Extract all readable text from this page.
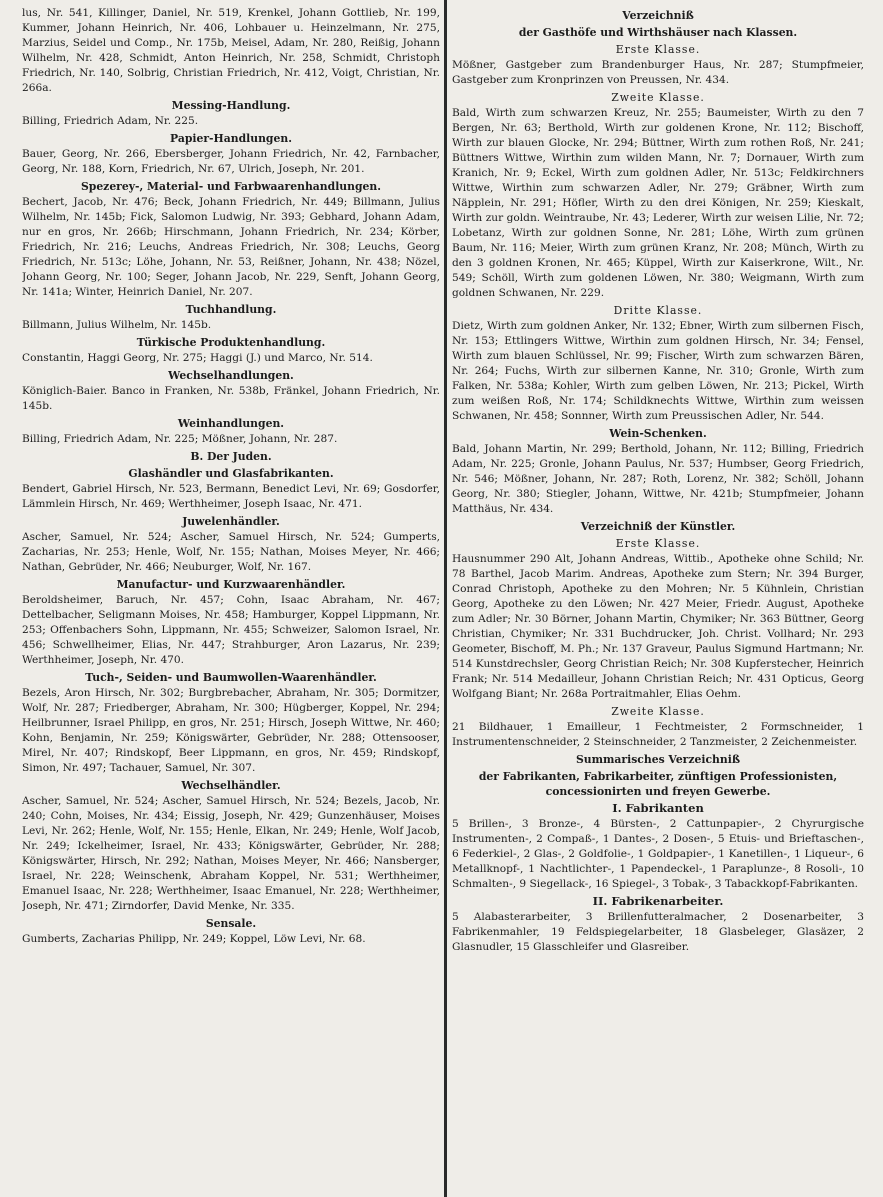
lus, Nr. 541, Killinger, Daniel, Nr. 519, Krenkel, Johann Gottlieb, Nr. 199, Kummer, Johann Heinrich, Nr. 406, Lohbauer u. Heinzelmann, Nr. 275, Marzius, Seidel und Comp., Nr. 175b, Meisel, Adam, Nr. 280, Reißig, Johann Wilhelm, Nr. 428, Schmidt, Anton Heinrich, Nr. 258, Schmidt, Christoph Friedrich, Nr. 140, Solbrig, Christian Friedrich, Nr. 412, Voigt, Christian, Nr. 266a.

Messing-Handlung.

Billing, Friedrich Adam, Nr. 225.

Papier-Handlungen.

Bauer, Georg, Nr. 266, Ebersberger, Johann Friedrich, Nr. 42, Farnbacher, Georg, Nr. 188, Korn, Friedrich, Nr. 67, Ulrich, Joseph, Nr. 201.

Spezerey-, Material- und Farbwaarenhandlungen.

Bechert, Jacob, Nr. 476; Beck, Johann Friedrich, Nr. 449; Billmann, Julius Wilhelm, Nr. 145b; Fick, Salomon Ludwig, Nr. 393; Gebhard, Johann Adam, nur en gros, Nr. 266b; Hirschmann, Johann Friedrich, Nr. 234; Körber, Friedrich, Nr. 216; Leuchs, Andreas Friedrich, Nr. 308; Leuchs, Georg Friedrich, Nr. 513c; Löhe, Johann, Nr. 53, Reißner, Johann, Nr. 438; Nözel, Johann Georg, Nr. 100; Seger, Johann Jacob, Nr. 229, Senft, Johann Georg, Nr. 141a; Winter, Heinrich Daniel, Nr. 207.

Tuchhandlung.

Billmann, Julius Wilhelm, Nr. 145b.

Türkische Produktenhandlung.

Constantin, Haggi Georg, Nr. 275; Haggi (J.) und Marco, Nr. 514.

Wechselhandlungen.

Königlich-Baier. Banco in Franken, Nr. 538b, Fränkel, Johann Friedrich, Nr. 145b.

Weinhandlungen.

Billing, Friedrich Adam, Nr. 225; Mößner, Johann, Nr. 287.

B. Der Juden.
Glashändler und Glasfabrikanten.

Bendert, Gabriel Hirsch, Nr. 523, Bermann, Benedict Levi, Nr. 69; Gosdorfer, Lämmlein Hirsch, Nr. 469; Werthheimer, Joseph Isaac, Nr. 471.

Juwelenhändler.

Ascher, Samuel, Nr. 524; Ascher, Samuel Hirsch, Nr. 524; Gumperts, Zacharias, Nr. 253; Henle, Wolf, Nr. 155; Nathan, Moises Meyer, Nr. 466; Nathan, Gebrüder, Nr. 466; Neuburger, Wolf, Nr. 167.

Manufactur- und Kurzwaarenhändler.

Beroldsheimer, Baruch, Nr. 457; Cohn, Isaac Abraham, Nr. 467; Dettelbacher, Seligmann Moises, Nr. 458; Hamburger, Koppel Lippmann, Nr. 253; Offenbachers Sohn, Lippmann, Nr. 455; Schweizer, Salomon Israel, Nr. 456; Schwellheimer, Elias, Nr. 447; Strahburger, Aron Lazarus, Nr. 239; Werthheimer, Joseph, Nr. 470.

Tuch-, Seiden- und Baumwollen-Waarenhändler.

Bezels, Aron Hirsch, Nr. 302; Burgbrebacher, Abraham, Nr. 305; Dormitzer, Wolf, Nr. 287; Friedberger, Abraham, Nr. 300; Hügberger, Koppel, Nr. 294; Heilbrunner, Israel Philipp, en gros, Nr. 251; Hirsch, Joseph Wittwe, Nr. 460; Kohn, Benjamin, Nr. 259; Königswärter, Gebrüder, Nr. 288; Ottensooser, Mirel, Nr. 407; Rindskopf, Beer Lippmann, en gros, Nr. 459; Rindskopf, Simon, Nr. 497; Tachauer, Samuel, Nr. 307.

Wechselhändler.

Ascher, Samuel, Nr. 524; Ascher, Samuel Hirsch, Nr. 524; Bezels, Jacob, Nr. 240; Cohn, Moises, Nr. 434; Eissig, Joseph, Nr. 429; Gunzenhäuser, Moises Levi, Nr. 262; Henle, Wolf, Nr. 155; Henle, Elkan, Nr. 249; Henle, Wolf Jacob, Nr. 249; Ickelheimer, Israel, Nr. 433; Königswärter, Gebrüder, Nr. 288; Königswärter, Hirsch, Nr. 292; Nathan, Moises Meyer, Nr. 466; Nansberger, Israel, Nr. 228; Weinschenk, Abraham Koppel, Nr. 531; Werthheimer, Emanuel Isaac, Nr. 228; Werthheimer, Isaac Emanuel, Nr. 228; Werthheimer, Joseph, Nr. 471; Zirndorfer, David Menke, Nr. 335.

Sensale.

Gumberts, Zacharias Philipp, Nr. 249; Koppel, Löw Levi, Nr. 68.

Verzeichniß
der Gasthöfe und Wirthshäuser nach Klassen.
Erste Klasse.

Mößner, Gastgeber zum Brandenburger Haus, Nr. 287; Stumpfmeier, Gastgeber zum Kronprinzen von Preussen, Nr. 434.

Zweite Klasse.

Bald, Wirth zum schwarzen Kreuz, Nr. 255; Baumeister, Wirth zu den 7 Bergen, Nr. 63; Berthold, Wirth zur goldenen Krone, Nr. 112; Bischoff, Wirth zur blauen Glocke, Nr. 294; Büttner, Wirth zum rothen Roß, Nr. 241; Büttners Wittwe, Wirthin zum wilden Mann, Nr. 7; Dornauer, Wirth zum Kranich, Nr. 9; Eckel, Wirth zum goldnen Adler, Nr. 513c; Feldkirchners Wittwe, Wirthin zum schwarzen Adler, Nr. 279; Gräbner, Wirth zum Näpplein, Nr. 291; Höfler, Wirth zu den drei Königen, Nr. 259; Kieskalt, Wirth zur goldn. Weintraube, Nr. 43; Lederer, Wirth zur weisen Lilie, Nr. 72; Lobetanz, Wirth zur goldnen Sonne, Nr. 281; Löhe, Wirth zum grünen Baum, Nr. 116; Meier, Wirth zum grünen Kranz, Nr. 208; Münch, Wirth zu den 3 goldnen Kronen, Nr. 465; Küppel, Wirth zur Kaiserkrone, Wilt., Nr. 549; Schöll, Wirth zum goldenen Löwen, Nr. 380; Weigmann, Wirth zum goldnen Schwanen, Nr. 229.

Dritte Klasse.

Dietz, Wirth zum goldnen Anker, Nr. 132; Ebner, Wirth zum silbernen Fisch, Nr. 153; Ettlingers Wittwe, Wirthin zum goldnen Hirsch, Nr. 34; Fensel, Wirth zum blauen Schlüssel, Nr. 99; Fischer, Wirth zum schwarzen Bären, Nr. 264; Fuchs, Wirth zur silbernen Kanne, Nr. 310; Gronle, Wirth zum Falken, Nr. 538a; Kohler, Wirth zum gelben Löwen, Nr. 213; Pickel, Wirth zum weißen Roß, Nr. 174; Schildknechts Wittwe, Wirthin zum weissen Schwanen, Nr. 458; Sonnner, Wirth zum Preussischen Adler, Nr. 544.

Wein-Schenken.

Bald, Johann Martin, Nr. 299; Berthold, Johann, Nr. 112; Billing, Friedrich Adam, Nr. 225; Gronle, Johann Paulus, Nr. 537; Humbser, Georg Friedrich, Nr. 546; Mößner, Johann, Nr. 287; Roth, Lorenz, Nr. 382; Schöll, Johann Georg, Nr. 380; Stiegler, Johann, Wittwe, Nr. 421b; Stumpfmeier, Johann Matthäus, Nr. 434.

Verzeichniß der Künstler.
Erste Klasse.

Hausnummer 290 Alt, Johann Andreas, Wittib., Apotheke ohne Schild; Nr. 78 Barthel, Jacob Marim. Andreas, Apotheke zum Stern; Nr. 394 Burger, Conrad Christoph, Apotheke zu den Mohren; Nr. 5 Kühnlein, Christian Georg, Apotheke zu den Löwen; Nr. 427 Meier, Friedr. August, Apotheke zum Adler; Nr. 30 Börner, Johann Martin, Chymiker; Nr. 363 Büttner, Georg Christian, Chymiker; Nr. 331 Buchdrucker, Joh. Christ. Vollhard; Nr. 293 Geometer, Bischoff, M. Ph.; Nr. 137 Graveur, Paulus Sigmund Hartmann; Nr. 514 Kunstdrechsler, Georg Christian Reich; Nr. 308 Kupferstecher, Heinrich Frank; Nr. 514 Medailleur, Johann Christian Reich; Nr. 431 Opticus, Georg Wolfgang Biant; Nr. 268a Portraitmahler, Elias Oehm.

Zweite Klasse.

21 Bildhauer, 1 Emailleur, 1 Fechtmeister, 2 Formschneider, 1 Instrumentenschneider, 2 Steinschneider, 2 Tanzmeister, 2 Zeichenmeister.

Summarisches Verzeichniß
der Fabrikanten, Fabrikarbeiter, zünftigen Professionisten, concessionirten und freyen Gewerbe.
I. Fabrikanten

5 Brillen-, 3 Bronze-, 4 Bürsten-, 2 Cattunpapier-, 2 Chyrurgische Instrumenten-, 2 Compaß-, 1 Dantes-, 2 Dosen-, 5 Etuis- und Brieftaschen-, 6 Federkiel-, 2 Glas-, 2 Goldfolie-, 1 Goldpapier-, 1 Kanetillen-, 1 Liqueur-, 6 Metallknopf-, 1 Nachtlichter-, 1 Papendeckel-, 1 Paraplunze-, 8 Rosoli-, 10 Schmalten-, 9 Siegellack-, 16 Spiegel-, 3 Tobak-, 3 Tabackkopf-Fabrikanten.

II. Fabrikenarbeiter.

5 Alabasterarbeiter, 3 Brillenfutteralmacher, 2 Dosenarbeiter, 3 Fabrikenmahler, 19 Feldspiegelarbeiter, 18 Glasbeleger, Glasäzer, 2 Glasnudler, 15 Glasschleifer und Glasreiber.
